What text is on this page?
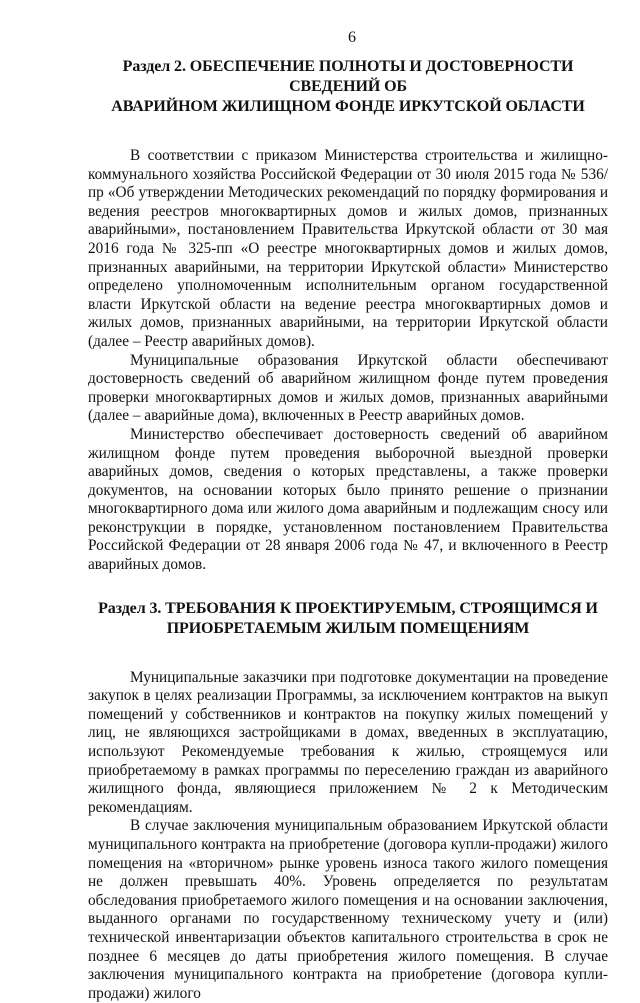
6
Раздел 2. ОБЕСПЕЧЕНИЕ ПОЛНОТЫ И ДОСТОВЕРНОСТИ СВЕДЕНИЙ ОБ
АВАРИЙНОМ ЖИЛИЩНОМ ФОНДЕ ИРКУТСКОЙ ОБЛАСТИ

В соответствии с приказом Министерства строительства и жилищно-коммунального хозяйства Российской Федерации от 30 июля 2015 года № 536/пр «Об утверждении Методических рекомендаций по порядку формирования и ведения реестров многоквартирных домов и жилых домов, признанных аварийными», постановлением Правительства Иркутской области от 30 мая 2016 года № 325-пп «О реестре многоквартирных домов и жилых домов, признанных аварийными, на территории Иркутской области» Министерство определено уполномоченным исполнительным органом государственной власти Иркутской области на ведение реестра многоквартирных домов и жилых домов, признанных аварийными, на территории Иркутской области (далее – Реестр аварийных домов).

Муниципальные образования Иркутской области обеспечивают достоверность сведений об аварийном жилищном фонде путем проведения проверки многоквартирных домов и жилых домов, признанных аварийными (далее – аварийные дома), включенных в Реестр аварийных домов.

Министерство обеспечивает достоверность сведений об аварийном жилищном фонде путем проведения выборочной выездной проверки аварийных домов, сведения о которых представлены, а также проверки документов, на основании которых было принято решение о признании многоквартирного дома или жилого дома аварийным и подлежащим сносу или реконструкции в порядке, установленном постановлением Правительства Российской Федерации от 28 января 2006 года № 47, и включенного в Реестр аварийных домов.

Раздел 3. ТРЕБОВАНИЯ К ПРОЕКТИРУЕМЫМ, СТРОЯЩИМСЯ И
ПРИОБРЕТАЕМЫМ ЖИЛЫМ ПОМЕЩЕНИЯМ

Муниципальные заказчики при подготовке документации на проведение закупок в целях реализации Программы, за исключением контрактов на выкуп помещений у собственников и контрактов на покупку жилых помещений у лиц, не являющихся застройщиками в домах, введенных в эксплуатацию, используют Рекомендуемые требования к жилью, строящемуся или приобретаемому в рамках программы по переселению граждан из аварийного жилищного фонда, являющиеся приложением № 2 к Методическим рекомендациям.

В случае заключения муниципальным образованием Иркутской области муниципального контракта на приобретение (договора купли-продажи) жилого помещения на «вторичном» рынке уровень износа такого жилого помещения не должен превышать 40%. Уровень определяется по результатам обследования приобретаемого жилого помещения и на основании заключения, выданного органами по государственному техническому учету и (или) технической инвентаризации объектов капитального строительства в срок не позднее 6 месяцев до даты приобретения жилого помещения. В случае заключения муниципального контракта на приобретение (договора купли-продажи) жилого
